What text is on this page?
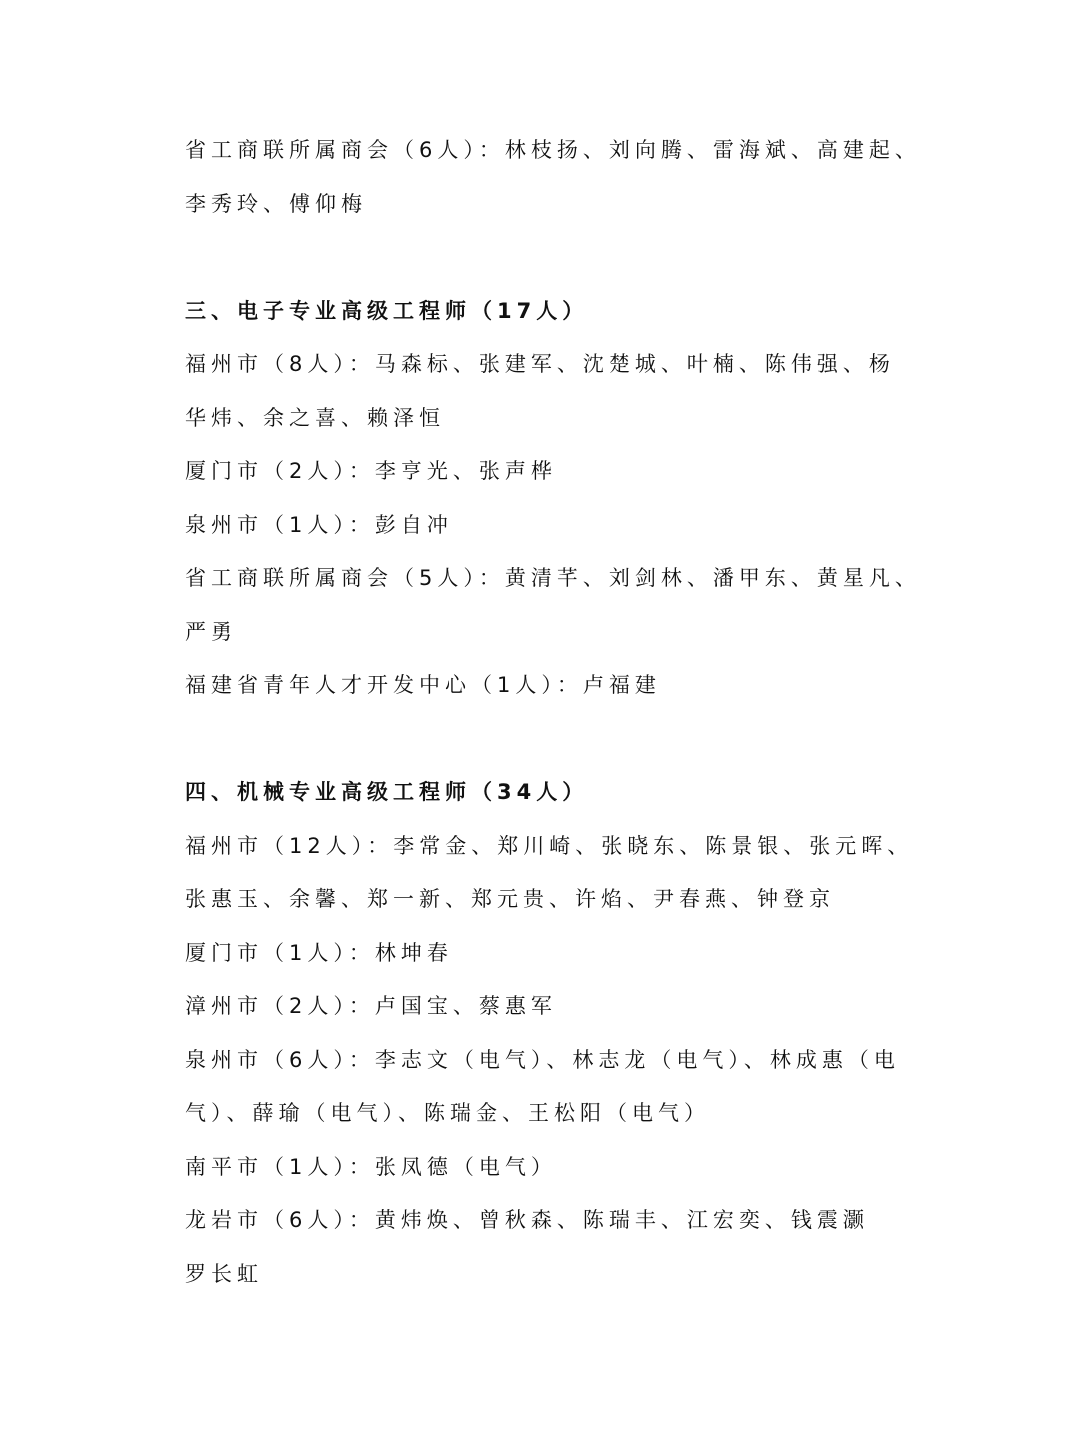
省工商联所属商会（6人）：林枝扬、刘向腾、雷海斌、高建起、
李秀玲、傅仰梅
三、电子专业高级工程师（17人）
福州市（8人）：马森标、张建军、沈楚城、叶楠、陈伟强、杨
华炜、余之喜、赖泽恒
厦门市（2人）：李亨光、张声桦
泉州市（1人）：彭自冲
省工商联所属商会（5人）：黄清芊、刘剑林、潘甲东、黄星凡、
严勇
福建省青年人才开发中心（1人）：卢福建
四、机械专业高级工程师（34人）
福州市（12人）：李常金、郑川崎、张晓东、陈景银、张元晖、
张惠玉、余馨、郑一新、郑元贵、许焰、尹春燕、钟登京
厦门市（1人）：林坤春
漳州市（2人）：卢国宝、蔡惠军
泉州市（6人）：李志文（电气）、林志龙（电气）、林成惠（电
气）、薛瑜（电气）、陈瑞金、王松阳（电气）
南平市（1人）：张凤德（电气）
龙岩市（6人）：黄炜焕、曾秋森、陈瑞丰、江宏奕、钱震灏
罗长虹
